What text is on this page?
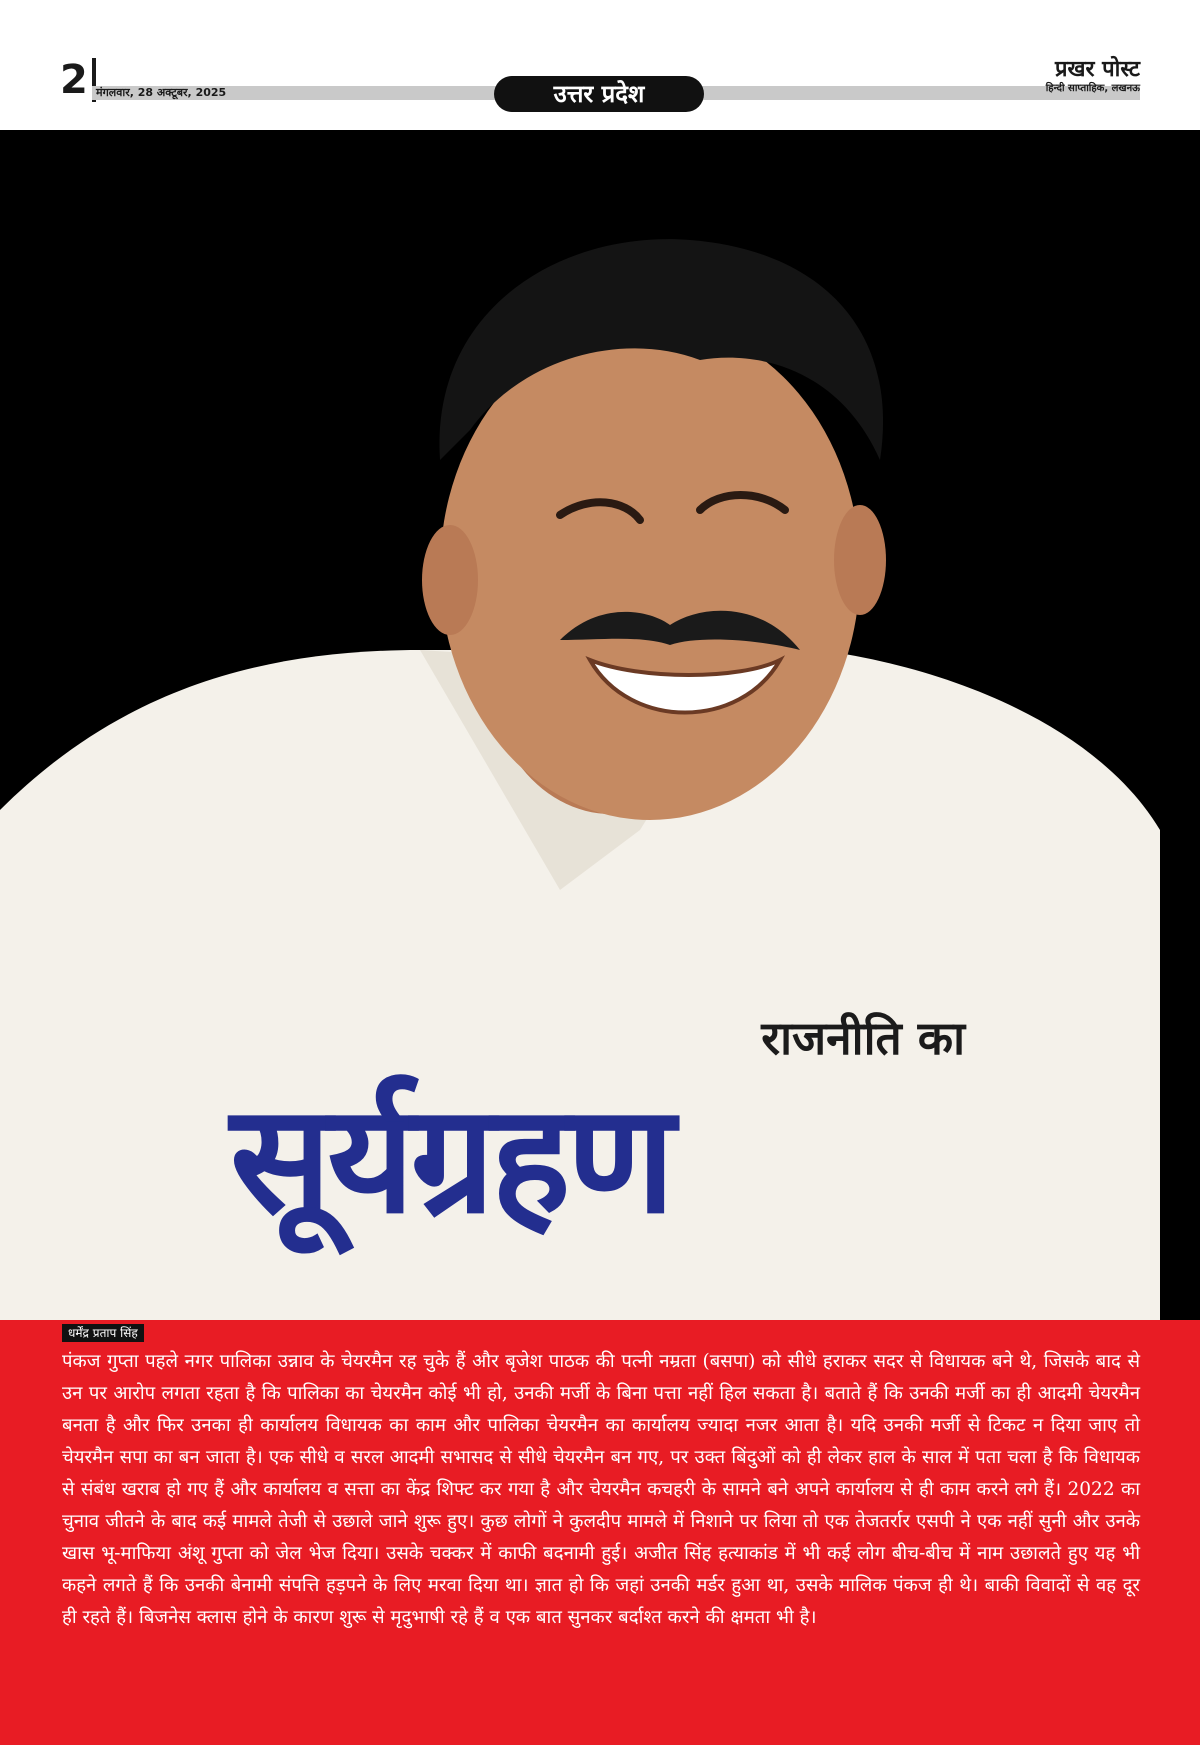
2 मंगलवार, 28 अक्टूबर, 2025	उत्तर प्रदेश
प्रखर पोस्ट
हिन्दी साप्ताहिक, लखनऊ
राजनीति का
सूर्यग्रहण
धर्मेंद्र प्रताप सिंह

पंकज गुप्ता पहले नगर पालिका उन्नाव के चेयरमैन रह चुके हैं और बृजेश पाठक की पत्नी नम्रता (बसपा) को सीधे हराकर सदर से विधायक बने थे, जिसके बाद से उन पर आरोप लगता रहता है कि पालिका का चेयरमैन कोई भी हो, उनकी मर्जी के बिना पत्ता नहीं हिल सकता है। बताते हैं कि उनकी मर्जी का ही आदमी चेयरमैन बनता है और फिर उनका ही कार्यालय विधायक का काम और पालिका चेयरमैन का कार्यालय ज्यादा नजर आता है। यदि उनकी मर्जी से टिकट न दिया जाए तो चेयरमैन सपा का बन जाता है। एक सीधे व सरल आदमी सभासद से सीधे चेयरमैन बन गए, पर उक्त बिंदुओं को ही लेकर हाल के साल में पता चला है कि विधायक से संबंध खराब हो गए हैं और कार्यालय व सत्ता का केंद्र शिफ्ट कर गया है और चेयरमैन कचहरी के सामने बने अपने कार्यालय से ही काम करने लगे हैं। 2022 का चुनाव जीतने के बाद कई मामले तेजी से उछाले जाने शुरू हुए। कुछ लोगों ने कुलदीप मामले में निशाने पर लिया तो एक तेजतर्रार एसपी ने एक नहीं सुनी और उनके खास भू-माफिया अंशू गुप्ता को जेल भेज दिया। उसके चक्कर में काफी बदनामी हुई। अजीत सिंह हत्याकांड में भी कई लोग बीच-बीच में नाम उछालते हुए यह भी कहने लगते हैं कि उनकी बेनामी संपत्ति हड़पने के लिए मरवा दिया था। ज्ञात हो कि जहां उनकी मर्डर हुआ था, उसके मालिक पंकज ही थे। बाकी विवादों से वह दूर ही रहते हैं। बिजनेस क्लास होने के कारण शुरू से मृदुभाषी रहे हैं व एक बात सुनकर बर्दाश्त करने की क्षमता भी है।
